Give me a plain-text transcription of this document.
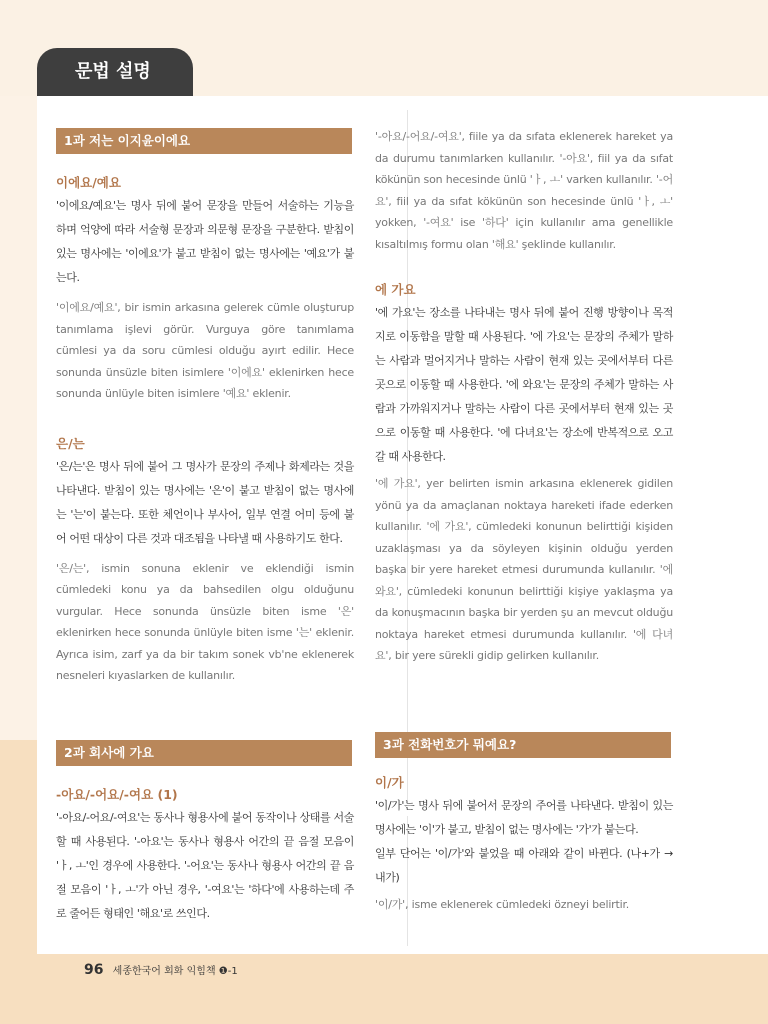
문법 설명
1과 저는 이지윤이에요

이에요/예요

'이에요/예요'는 명사 뒤에 붙어 문장을 만들어 서술하는 기능을 하며 억양에 따라 서술형 문장과 의문형 문장을 구분한다. 받침이 있는 명사에는 '이에요'가 붙고 받침이 없는 명사에는 '예요'가 붙는다.

'이에요/예요', bir ismin arkasına gelerek cümle oluşturup tanımlama işlevi görür. Vurguya göre tanımlama cümlesi ya da soru cümlesi olduğu ayırt edilir. Hece sonunda ünsüzle biten isimlere '이에요' eklenirken hece sonunda ünlüyle biten isimlere '예요' eklenir.

은/는

'은/는'은 명사 뒤에 붙어 그 명사가 문장의 주제나 화제라는 것을 나타낸다. 받침이 있는 명사에는 '은'이 붙고 받침이 없는 명사에는 '는'이 붙는다. 또한 체언이나 부사어, 일부 연결 어미 등에 붙어 어떤 대상이 다른 것과 대조됨을 나타낼 때 사용하기도 한다.

'은/는', ismin sonuna eklenir ve eklendiği ismin cümledeki konu ya da bahsedilen olgu olduğunu vurgular. Hece sonunda ünsüzle biten isme '은' eklenirken hece sonunda ünlüyle biten isme '는' eklenir. Ayrıca isim, zarf ya da bir takım sonek vb'ne eklenerek nesneleri kıyaslarken de kullanılır.

2과 회사에 가요

-아요/-어요/-여요 (1)

'-아요/-어요/-여요'는 동사나 형용사에 붙어 동작이나 상태를 서술할 때 사용된다. '-아요'는 동사나 형용사 어간의 끝 음절 모음이 'ㅏ, ㅗ'인 경우에 사용한다. '-어요'는 동사나 형용사 어간의 끝 음절 모음이 'ㅏ, ㅗ'가 아닌 경우, '-여요'는 '하다'에 사용하는데 주로 줄어든 형태인 '해요'로 쓰인다.

'-아요/-어요/-여요', fiile ya da sıfata eklenerek hareket ya da durumu tanımlarken kullanılır. '-아요', fiil ya da sıfat kökünün son hecesinde ünlü 'ㅏ, ㅗ' varken kullanılır. '-어요', fiil ya da sıfat kökünün son hecesinde ünlü 'ㅏ, ㅗ' yokken, '-여요' ise '하다' için kullanılır ama genellikle kısaltılmış formu olan '해요' şeklinde kullanılır.

에 가요

'에 가요'는 장소를 나타내는 명사 뒤에 붙어 진행 방향이나 목적지로 이동함을 말할 때 사용된다. '에 가요'는 문장의 주체가 말하는 사람과 멀어지거나 말하는 사람이 현재 있는 곳에서부터 다른 곳으로 이동할 때 사용한다. '에 와요'는 문장의 주체가 말하는 사람과 가까워지거나 말하는 사람이 다른 곳에서부터 현재 있는 곳으로 이동할 때 사용한다. '에 다녀요'는 장소에 반복적으로 오고 갈 때 사용한다.

'에 가요', yer belirten ismin arkasına eklenerek gidilen yönü ya da amaçlanan noktaya hareketi ifade ederken kullanılır. '에 가요', cümledeki konunun belirttiği kişiden uzaklaşması ya da söyleyen kişinin olduğu yerden başka bir yere hareket etmesi durumunda kullanılır. '에 와요', cümledeki konunun belirttiği kişiye yaklaşma ya da konuşmacının başka bir yerden şu an mevcut olduğu noktaya hareket etmesi durumunda kullanılır. '에 다녀요', bir yere sürekli gidip gelirken kullanılır.

3과 전화번호가 뭐예요?

이/가

'이/가'는 명사 뒤에 붙어서 문장의 주어를 나타낸다. 받침이 있는 명사에는 '이'가 붙고, 받침이 없는 명사에는 '가'가 붙는다.

일부 단어는 '이/가'와 붙었을 때 아래와 같이 바뀐다. (나+가 → 내가)

'이/가', isme eklenerek cümledeki özneyi belirtir.

96 세종한국어 회화 익힘책 ❶-1
